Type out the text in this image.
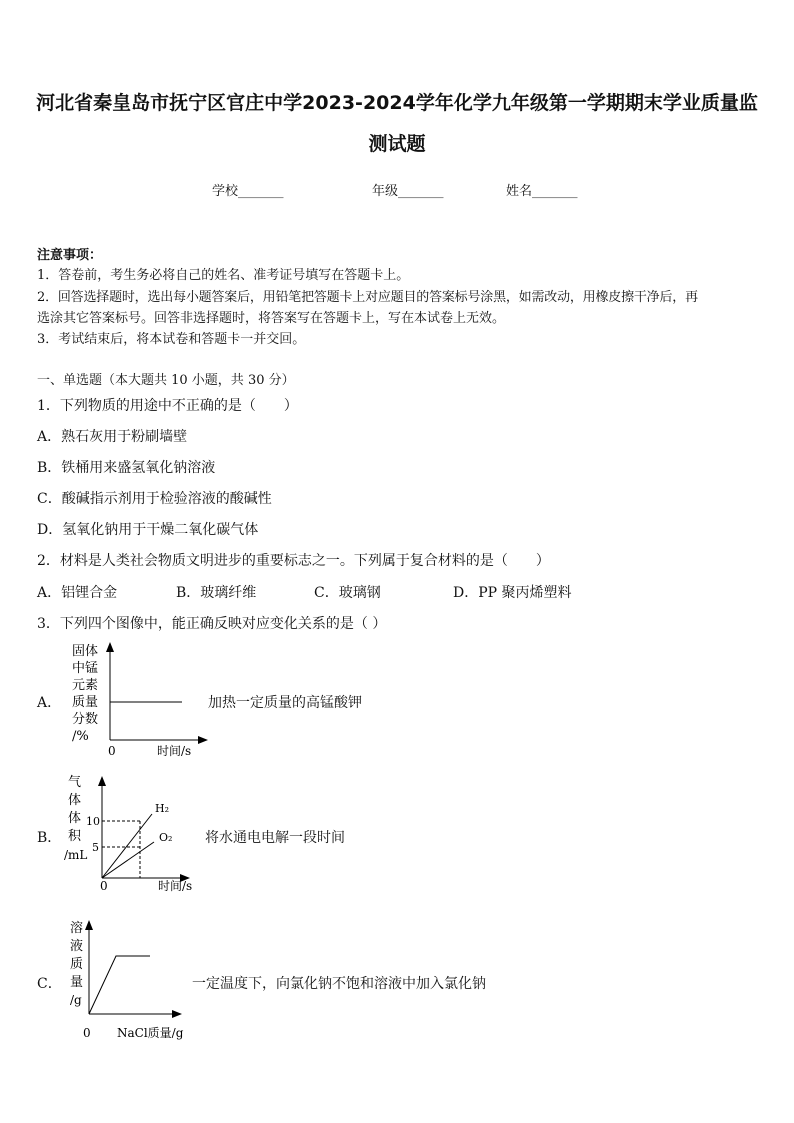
河北省秦皇岛市抚宁区官庄中学2023-2024学年化学九年级第一学期期末学业质量监
测试题
学校_______	年级_______	姓名_______
注意事项：
1．答卷前，考生务必将自己的姓名、准考证号填写在答题卡上。
2．回答选择题时，选出每小题答案后，用铅笔把答题卡上对应题目的答案标号涂黑，如需改动，用橡皮擦干净后，再
选涂其它答案标号。回答非选择题时，将答案写在答题卡上，写在本试卷上无效。
3．考试结束后，将本试卷和答题卡一并交回。
一、单选题（本大题共 10 小题，共 30 分）
1．下列物质的用途中不正确的是（　　）
A．熟石灰用于粉刷墙壁
B．铁桶用来盛氢氧化钠溶液
C．酸碱指示剂用于检验溶液的酸碱性
D．氢氧化钠用于干燥二氧化碳气体
2．材料是人类社会物质文明进步的重要标志之一。下列属于复合材料的是（　　）
A．铝锂合金	B．玻璃纤维	C．玻璃钢	D．PP 聚丙烯塑料
3．下列四个图像中，能正确反映对应变化关系的是（ ）
A．
固体
中锰
元素
质量
分数
/%
0	时间/s
加热一定质量的高锰酸钾
B．
气
体
体
积
/mL
10
5
H₂
O₂
0	时间/s
将水通电电解一段时间
C．
溶
液
质
量
/g
0 NaCl质量/g
一定温度下，向氯化钠不饱和溶液中加入氯化钠
